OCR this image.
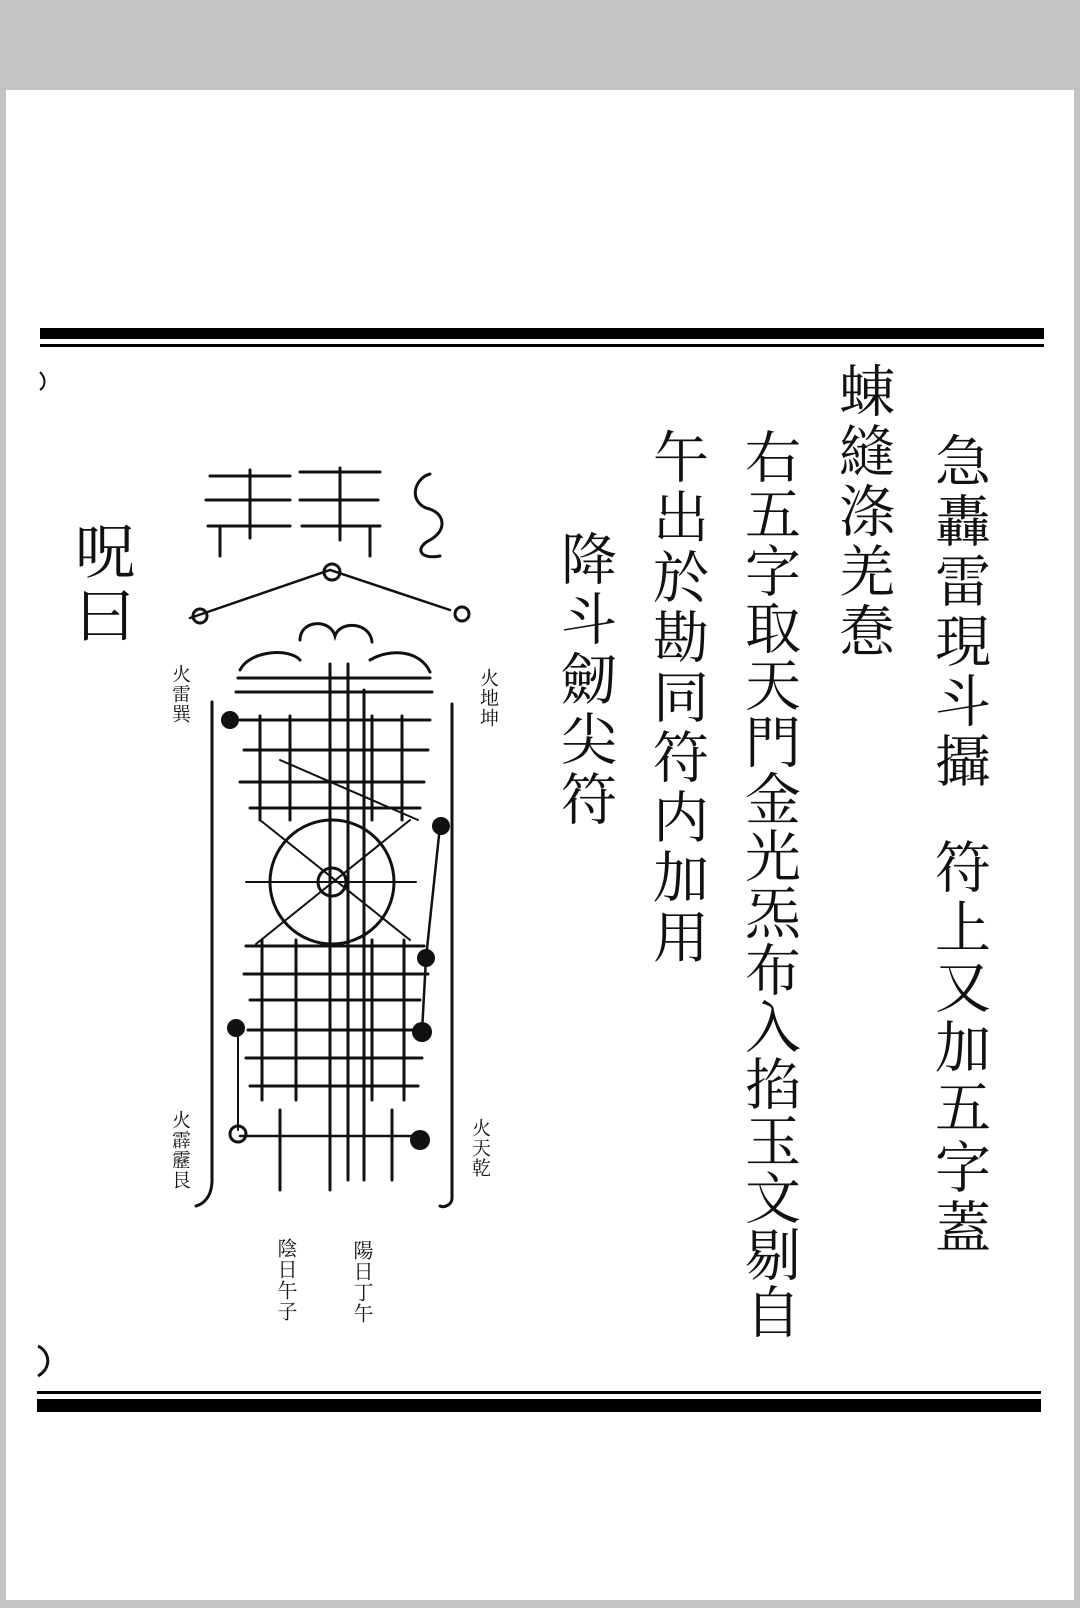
急轟雷現斗攝
符上又加五字蓋
蝀縫涤羌惷
右五字取天門金光炁布入掐玉文剔自
午出於勘同符内加用
降斗劒尖符
呪曰
火雷巽	火地坤
火霹靂艮	火天乾
陽日丁午
陰日午子
